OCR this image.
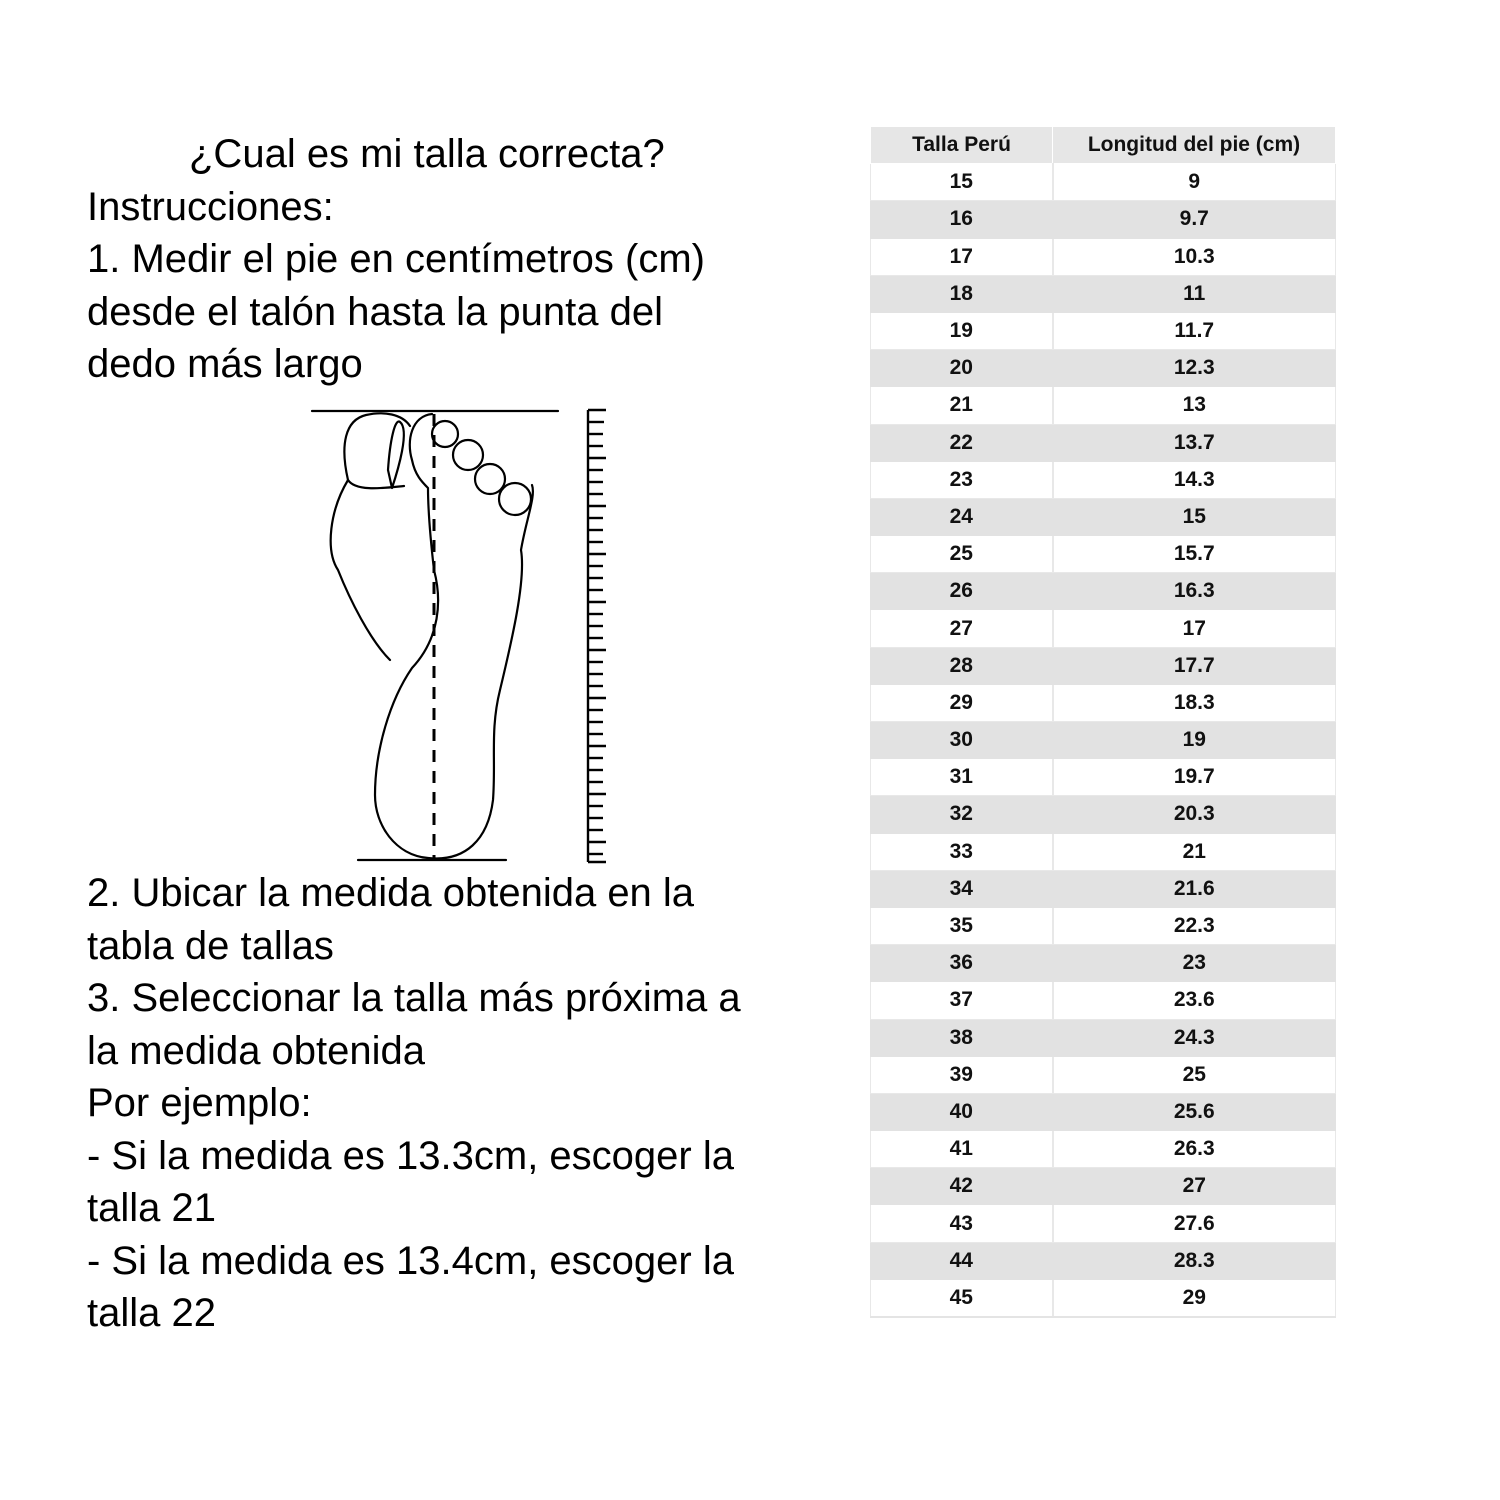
¿Cual es mi talla correcta?

Instrucciones:

1. Medir el pie en centímetros (cm)

desde el talón hasta la punta del

dedo más largo

2. Ubicar la medida obtenida en la

tabla de tallas

3. Seleccionar la talla más próxima a

la medida obtenida

Por ejemplo:

- Si la medida es 13.3cm, escoger la

talla 21

- Si la medida es 13.4cm, escoger la

talla 22

Talla Perú	Longitud del pie (cm)
15	9
16	9.7
17	10.3
18	11
19	11.7
20	12.3
21	13
22	13.7
23	14.3
24	15
25	15.7
26	16.3
27	17
28	17.7
29	18.3
30	19
31	19.7
32	20.3
33	21
34	21.6
35	22.3
36	23
37	23.6
38	24.3
39	25
40	25.6
41	26.3
42	27
43	27.6
44	28.3
45	29
